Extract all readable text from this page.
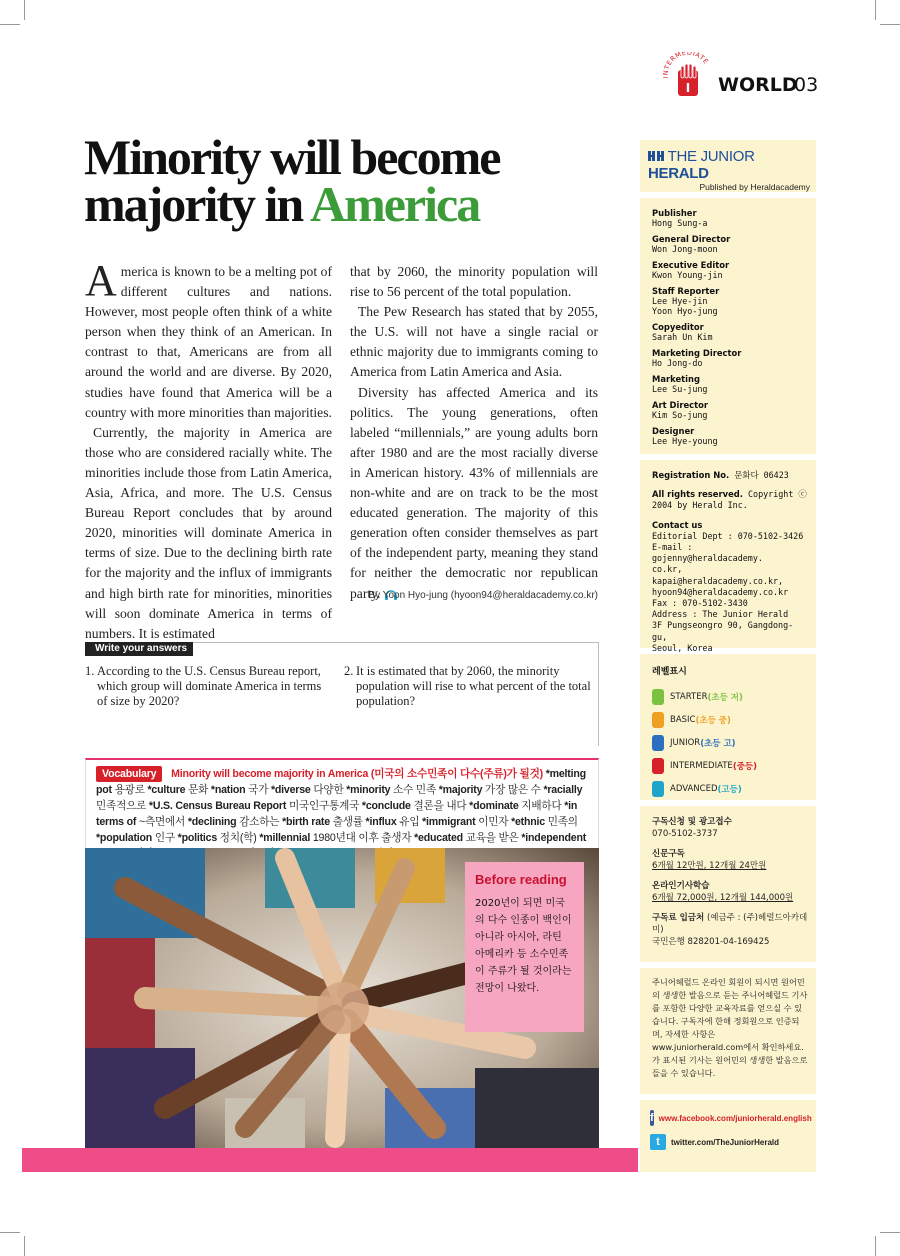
INTERMEDIATE
I WORLD
03
Minority will become
majority in America

America is known to be a melting pot of different cultures and nations. However, most people often think of a white person when they think of an American. In contrast to that, Americans are from all around the world and are diverse. By 2020, studies have found that America will be a country with more minorities than majorities.

Currently, the majority in America are those who are considered racially white. The minorities include those from Latin America, Asia, Africa, and more. The U.S. Census Bureau Report concludes that by around 2020, minorities will dominate America in terms of size. Due to the declining birth rate for the majority and the influx of immigrants and high birth rate for minorities, minorities will soon dominate America in terms of numbers. It is estimated

that by 2060, the minority population will rise to 56 percent of the total population.

The Pew Research has stated that by 2055, the U.S. will not have a single racial or ethnic majority due to immigrants coming to America from Latin America and Asia.

Diversity has affected America and its politics. The young generations, often labeled “millennials,” are young adults born after 1980 and are the most racially diverse in American history. 43% of millennials are non-white and are on track to be the most educated generation. The majority of this generation often consider themselves as part of the independent party, meaning they stand for neither the democratic nor republican party.

By Yoon Hyo-jung (hyoon94@heraldacademy.co.kr)
Write your answers
1. According to the U.S. Census Bureau report, which group will dominate America in terms of size by 2020?
2. It is estimated that by 2060, the minority population will rise to what percent of the total population?
Vocabulary Minority will become majority in America (미국의 소수민족이 다수(주류)가 될것) *melting pot 용광로 *culture 문화 *nation 국가 *diverse 다양한 *minority 소수 민족 *majority 가장 많은 수 *racially 민족적으로 *U.S. Census Bureau Report 미국인구통계국 *conclude 결론을 내다 *dominate 지배하다 *in terms of ~측면에서 *declining 감소하는 *birth rate 출생률 *influx 유입 *immigrant 이민자 *ethnic 민족의 *population 인구 *politics 정치(학) *millennial 1980년대 이후 출생자 *educated 교육을 받은 *independent
Before reading
2020년이 되면 미국의 다수 인종이 백인이 아니라 아시아, 라틴 아메리카 등 소수민족이 주류가 될 것이라는 전망이 나왔다.
THE JUNIOR HERALD
Published by Heraldacademy
Publisher
Hong Sung-a
General Director
Won Jong-moon
Executive Editor
Kwon Young-jin
Staff Reporter
Lee Hye-jin
Yoon Hyo-jung
Copyeditor
Sarah Un Kim
Marketing Director
Ho Jong-do
Marketing
Lee Su-jung
Art Director
Kim So-jung
Designer
Lee Hye-young
Registration No. 문화다 06423
All rights reserved. Copyright ⓒ 2004 by Herald Inc.
Contact us
Editorial Dept : 070-5102-3426
E-mail : gojenny@heraldacademy.
co.kr, kapai@heraldacademy.co.kr,
hyoon94@heraldacademy.co.kr
Fax : 070-5102-3430
Address : The Junior Herald
3F Pungseongro 90, Gangdong-gu,
Seoul, Korea
레벨표시
STARTER (초등 저)
BASIC (초등 중)
JUNIOR (초등 고)
INTERMEDIATE (중등)
ADVANCED (고등)
구독신청 및 광고접수
070-5102-3737
신문구독
6개월 12만원, 12개월 24만원
온라인기사학습
6개월 72,000원, 12개월 144,000원
구독료 입금처 (예금주 : (주)헤럴드아카데미)
국민은행 828201-04-169425
주니어헤럴드 온라인 회원이 되시면 원어민의 생생한 발음으로 듣는 주니어헤럴드 기사를 포함한 다양한 교육자료를 얻으실 수 있습니다. 구독자에 한해 정회원으로 인증되며, 자세한 사항은 www.juniorherald.com에서 확인하세요. 가 표시된 기사는 원어민의 생생한 발음으로 들을 수 있습니다.
f www.facebook.com/juniorherald.english
t	twitter.com/TheJuniorHerald
